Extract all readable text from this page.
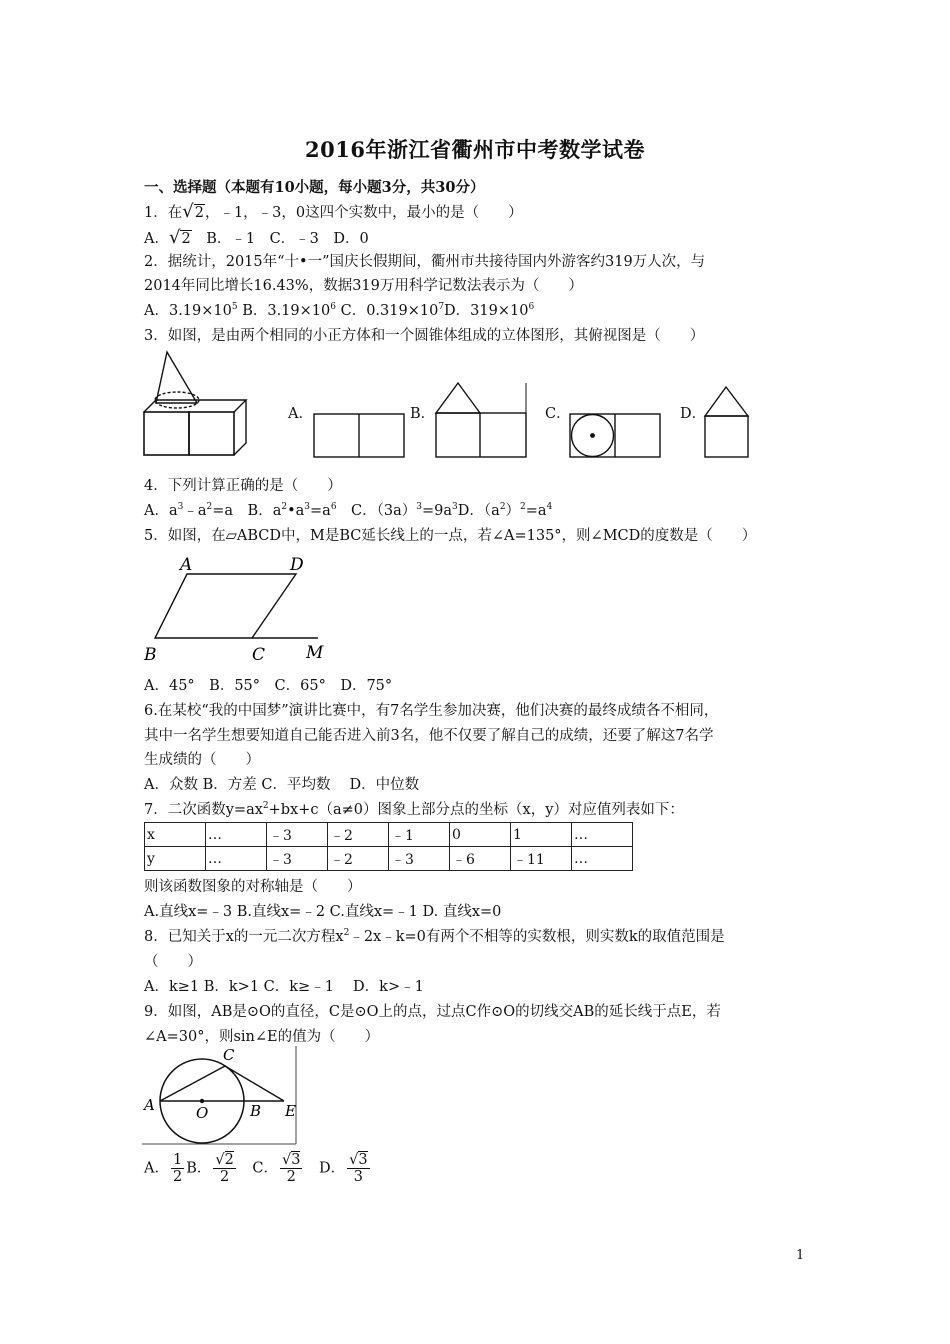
2016年浙江省衢州市中考数学试卷
一、选择题（本题有10小题，每小题3分，共30分）
1．在√2，﹣1，﹣3，0这四个实数中，最小的是（　　）
A．√2　 B．﹣1　C．﹣3　D．0
2．据统计，2015年“十•一”国庆长假期间，衢州市共接待国内外游客约319万人次，与
2014年同比增长16.43%，数据319万用科学记数法表示为（　　）
A．$3.19\times 10^5$ B．$3.19\times 10^6$ C．$0.319\times 10^7D$．$319\times 10^6$
3．如图，是由两个相同的小正方体和一个圆锥体组成的立体图形，其俯视图是（　　）
A．	B．	C．	D．
4．下列计算正确的是（　　）
A．$a^3﹣a^2=a$　B．$a^2•a^3=a^6$　C．$(3a)^3=9a^3D$．$(a^2)^2=a^4$
5．如图，在▱ABCD中，M是BC延长线上的一点，若∠A=135°，则∠MCD的度数是（　　）
A	D
B	C M
A．45°　B．55°　C．65°　D．75°
6.在某校“我的中国梦”演讲比赛中，有7名学生参加决赛，他们决赛的最终成绩各不相同，
其中一名学生想要知道自己能否进入前3名，他不仅要了解自己的成绩，还要了解这7名学
生成绩的（　　）
A．众数 B．方差 C．平均数　 D．中位数
7．二次函数$y=ax^2+bx+c(a\ne 0)$图象上部分点的坐标（x，y）对应值列表如下：
x	…	﹣3	﹣2	﹣1	0	1	…
y	…	﹣3	﹣2	﹣3	﹣6	﹣11	…
则该函数图象的对称轴是（　　）
A.直线x=﹣3 B.直线x=﹣2 C.直线x=﹣1 D. 直线x=0
8．已知关于x的一元二次方程$x^2﹣2x﹣k=0$有两个不相等的实数根，则实数k的取值范围是
（　　）
A．k≥1 B．k>1 C．k≥﹣1　 D．k>﹣1
9．如图，AB是⊙O的直径，C是⊙O上的点，过点C作⊙O的切线交AB的延长线于点E，若
∠A=30°，则sin∠E的值为（　　）
A
C
O	B E
A． $\frac{1}{2}$ B． $\frac{√2}{2}$ 　C． $\frac{√3}{2}$ 　D． $\frac{√3}{3}$
1
